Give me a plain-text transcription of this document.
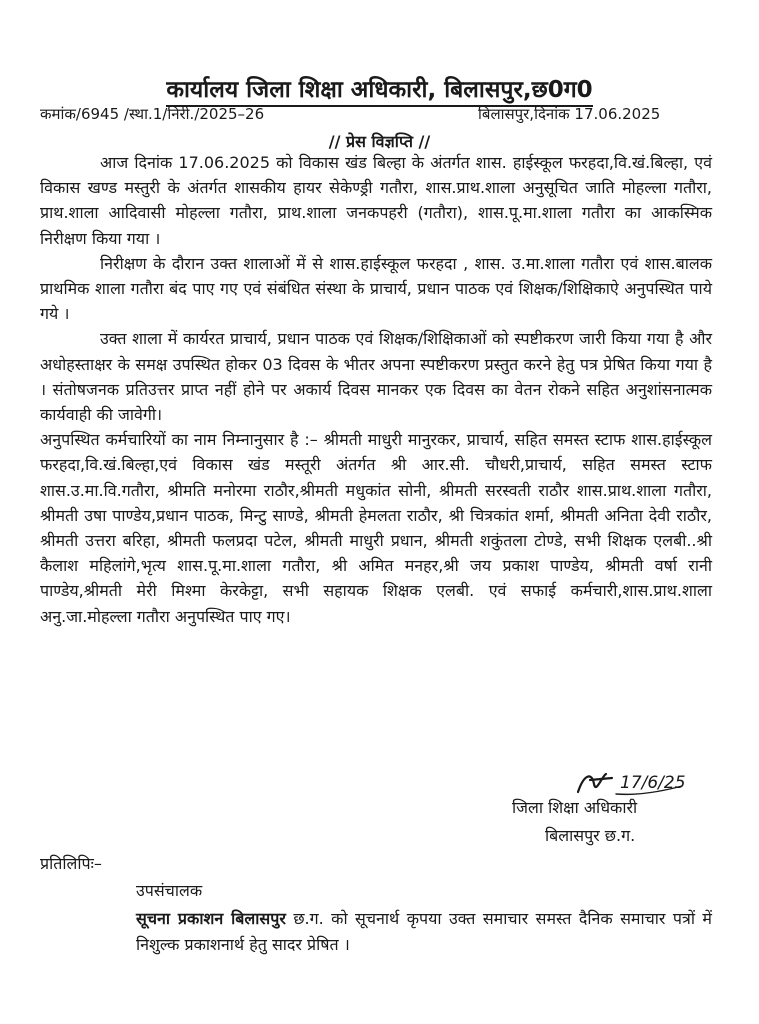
कार्यालय जिला शिक्षा अधिकारी, बिलासपुर,छ0ग0
कमांक/6945 /स्था.1/निरी./2025–26	बिलासपुर,दिनांक 17.06.2025
// प्रेस विज्ञप्ति //

आज दिनांक 17.06.2025 को विकास खंड बिल्हा के अंतर्गत शास. हाईस्कूल फरहदा,वि.खं.बिल्हा, एवं विकास खण्ड मस्तुरी के अंतर्गत शासकीय हायर सेकेण्ड्री गतौरा, शास.प्राथ.शाला अनुसूचित जाति मोहल्ला गतौरा, प्राथ.शाला आदिवासी मोहल्ला गतौरा, प्राथ.शाला जनकपहरी (गतौरा), शास.पू.मा.शाला गतौरा का आकस्मिक निरीक्षण किया गया ।

निरीक्षण के दौरान उक्त शालाओं में से शास.हाईस्कूल फरहदा , शास. उ.मा.शाला गतौरा एवं शास.बालक प्राथमिक शाला गतौरा बंद पाए गए एवं संबंधित संस्था के प्राचार्य, प्रधान पाठक एवं शिक्षक/शिक्षिकाऐ अनुपस्थित पाये गये ।

उक्त शाला में कार्यरत प्राचार्य, प्रधान पाठक एवं शिक्षक/शिक्षिकाओं को स्पष्टीकरण जारी किया गया है और अधोहस्ताक्षर के समक्ष उपस्थित होकर 03 दिवस के भीतर अपना स्पष्टीकरण प्रस्तुत करने हेतु पत्र प्रेषित किया गया है । संतोषजनक प्रतिउत्तर प्राप्त नहीं होने पर अकार्य दिवस मानकर एक दिवस का वेतन रोकने सहित अनुशांसनात्मक कार्यवाही की जावेगी।

अनुपस्थित कर्मचारियों का नाम निम्नानुसार है :– श्रीमती माधुरी मानुरकर, प्राचार्य, सहित समस्त स्टाफ शास.हाईस्कूल फरहदा,वि.खं.बिल्हा,एवं विकास खंड मस्तूरी अंतर्गत श्री आर.सी. चौधरी,प्राचार्य, सहित समस्त स्टाफ शास.उ.मा.वि.गतौरा, श्रीमति मनोरमा राठौर,श्रीमती मधुकांत सोनी, श्रीमती सरस्वती राठौर शास.प्राथ.शाला गतौरा, श्रीमती उषा पाण्डेय,प्रधान पाठक, मिन्टु साण्डे, श्रीमती हेमलता राठौर, श्री चित्रकांत शर्मा, श्रीमती अनिता देवी राठौर, श्रीमती उत्तरा बरिहा, श्रीमती फलप्रदा पटेल, श्रीमती माधुरी प्रधान, श्रीमती शकुंतला टोण्डे, सभी शिक्षक एलबी..श्री कैलाश महिलांगे,भृत्य शास.पू.मा.शाला गतौरा, श्री अमित मनहर,श्री जय प्रकाश पाण्डेय, श्रीमती वर्षा रानी पाण्डेय,श्रीमती मेरी मिश्मा केरकेट्टा, सभी सहायक शिक्षक एलबी. एवं सफाई कर्मचारी,शास.प्राथ.शाला अनु.जा.मोहल्ला गतौरा अनुपस्थित पाए गए।

17/6/25
जिला शिक्षा अधिकारी
बिलासपुर छ.ग.
प्रतिलिपिः–
उपसंचालक

सूचना प्रकाशन बिलासपुर छ.ग. को सूचनार्थ कृपया उक्त समाचार समस्त दैनिक समाचार पत्रों में निशुल्क प्रकाशनार्थ हेतु सादर प्रेषित ।
